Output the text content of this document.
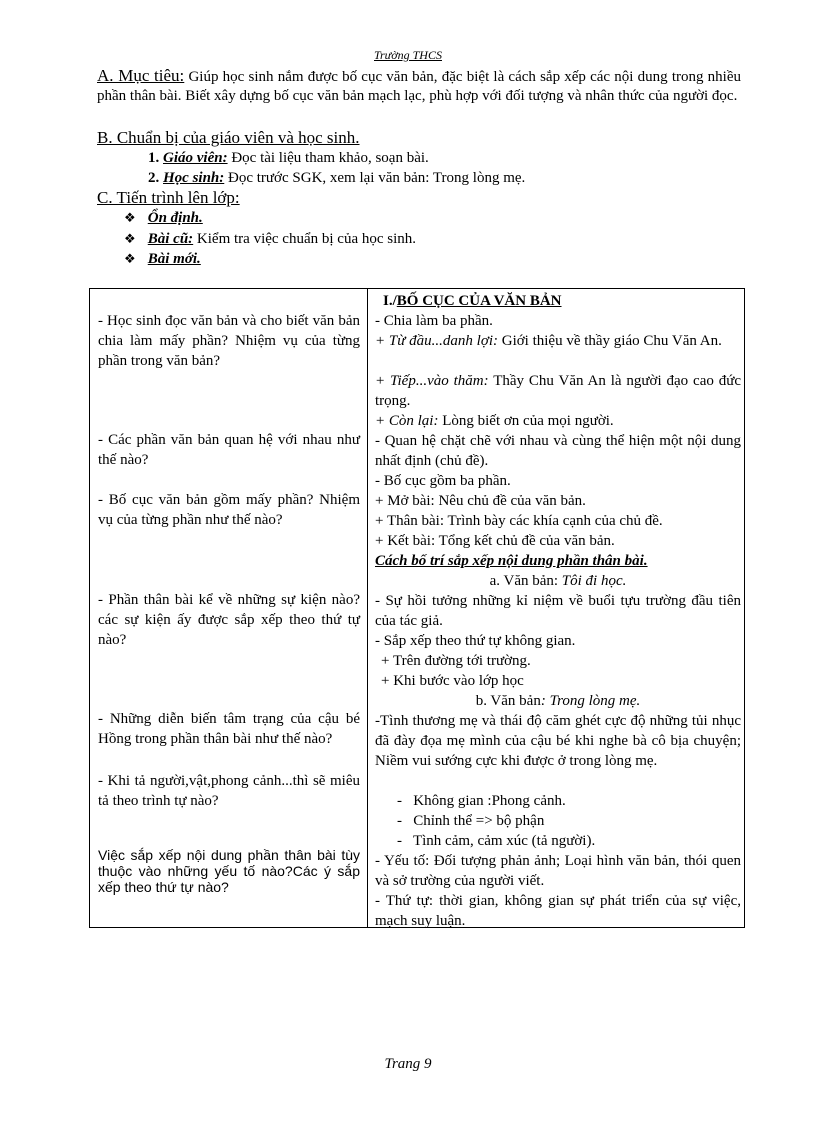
Trường THCS
A. Mục tiêu: Giúp học sinh nắm được bố cục văn bản, đặc biệt là cách sắp xếp các nội dung trong nhiều phần thân bài. Biết xây dựng bố cục văn bản mạch lạc, phù hợp với đối tượng và nhân thức của người đọc.
B. Chuẩn bị của giáo viên và học sinh.
1. Giáo viên: Đọc tài liệu tham khảo, soạn bài.
2. Học sinh: Đọc trước SGK, xem lại văn bản: Trong lòng mẹ.
C. Tiến trình lên lớp:
❖ Ổn định.
❖ Bài cũ: Kiểm tra việc chuẩn bị của học sinh.
❖ Bài mới.
- Học sinh đọc văn bản và cho biết văn bản chia làm mấy phần? Nhiệm vụ của từng phần trong văn bản?
- Các phần văn bản quan hệ với nhau như thế nào?
- Bố cục văn bản gồm mấy phần? Nhiệm vụ của từng phần như thế nào?
- Phần thân bài kể về những sự kiện nào? các sự kiện ấy được sắp xếp theo thứ tự nào?
- Những diễn biến tâm trạng của cậu bé Hồng trong phần thân bài như thế nào?
- Khi tả người,vật,phong cảnh...thì sẽ miêu tả theo trình tự nào?
Việc sắp xếp nội dung phần thân bài tùy thuộc vào những yếu tố nào?Các ý sắp xếp theo thứ tự nào?
I./BỐ CỤC CỦA VĂN BẢN
- Chia làm ba phần.
+ Từ đầu...danh lợi: Giới thiệu về thầy giáo Chu Văn An.
+ Tiếp...vào thăm: Thầy Chu Văn An là người đạo cao đức trọng.
+ Còn lại: Lòng biết ơn của mọi người.
- Quan hệ chặt chẽ với nhau và cùng thể hiện một nội dung nhất định (chủ đề).
- Bố cục gồm ba phần.
+ Mở bài: Nêu chủ đề của văn bản.
+ Thân bài: Trình bày các khía cạnh của chủ đề.
+ Kết bài: Tổng kết chủ đề của văn bản.
Cách bố trí sắp xếp nội dung phần thân bài.
a. Văn bản: Tôi đi học.
- Sự hồi tưởng những kỉ niệm về buổi tựu trường đầu tiên của tác giả.
- Sắp xếp theo thứ tự không gian.
+ Trên đường tới trường.
+ Khi bước vào lớp học
b. Văn bản: Trong lòng mẹ.
-Tình thương mẹ và thái độ căm ghét cực độ những tủi nhục đã đày đọa mẹ mình của cậu bé khi nghe bà cô bịa chuyện; Niềm vui sướng cực khi được ở trong lòng mẹ.
-   Không gian :Phong cảnh.
-   Chỉnh thể => bộ phận
-   Tình cảm, cảm xúc (tả người).
- Yếu tố: Đối tượng phản ảnh; Loại hình văn bản, thói quen và sở trường của người viết.
- Thứ tự: thời gian, không gian sự phát triển của sự việc, mạch suy luận.
Trang 9
